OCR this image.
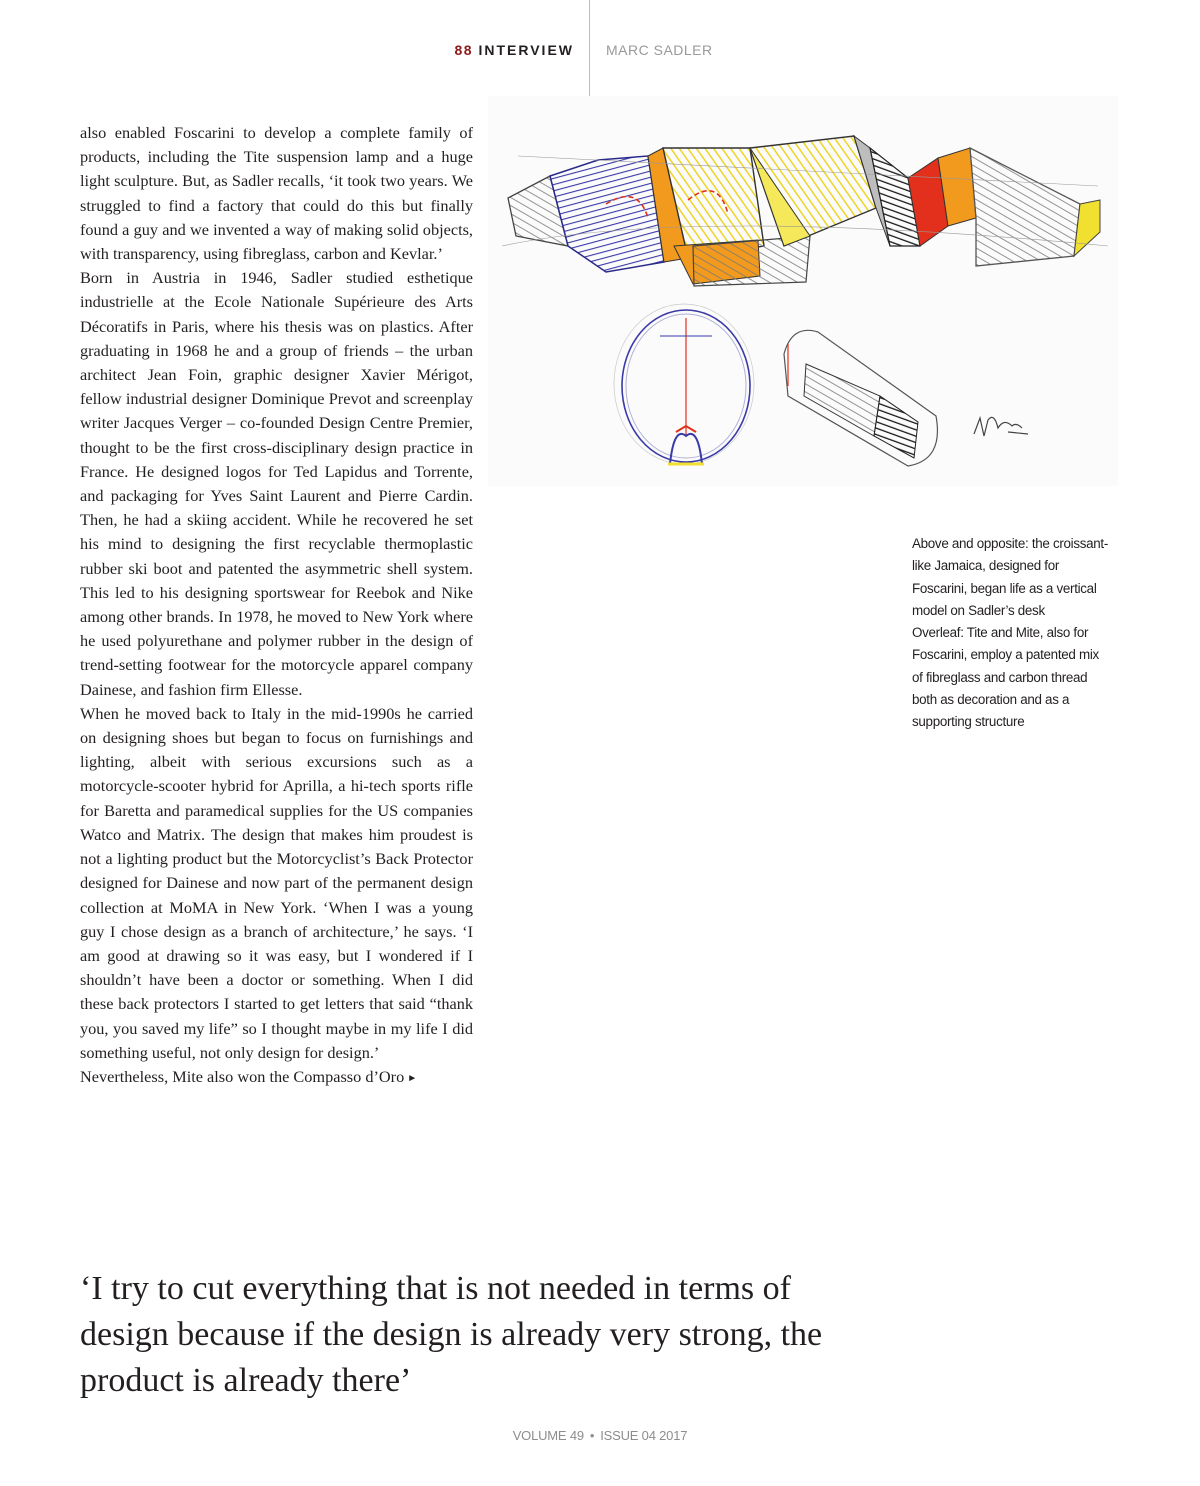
88 INTERVIEW MARC SADLER

also enabled Foscarini to develop a complete family of products, including the Tite suspension lamp and a huge light sculpture. But, as Sadler recalls, ‘it took two years. We struggled to find a factory that could do this but finally found a guy and we invented a way of making solid objects, with transparency, using fibreglass, carbon and Kevlar.’

Born in Austria in 1946, Sadler studied esthetique industrielle at the Ecole Nationale Supérieure des Arts Décoratifs in Paris, where his thesis was on plastics. After graduating in 1968 he and a group of friends – the urban architect Jean Foin, graphic designer Xavier Mérigot, fellow industrial designer Dominique Prevot and screenplay writer Jacques Verger – co-founded Design Centre Premier, thought to be the first cross-disciplinary design practice in France. He designed logos for Ted Lapidus and Torrente, and packaging for Yves Saint Laurent and Pierre Cardin. Then, he had a skiing accident. While he recovered he set his mind to designing the first recyclable thermoplastic rubber ski boot and patented the asymmetric shell system. This led to his designing sportswear for Reebok and Nike among other brands. In 1978, he moved to New York where he used polyurethane and polymer rubber in the design of trend-setting footwear for the motorcycle apparel company Dainese, and fashion firm Ellesse.

When he moved back to Italy in the mid-1990s he carried on designing shoes but began to focus on furnishings and lighting, albeit with serious excursions such as a motorcycle-scooter hybrid for Aprilla, a hi-tech sports rifle for Baretta and paramedical supplies for the US companies Watco and Matrix. The design that makes him proudest is not a lighting product but the Motorcyclist’s Back Protector designed for Dainese and now part of the permanent design collection at MoMA in New York. ‘When I was a young guy I chose design as a branch of architecture,’ he says. ‘I am good at drawing so it was easy, but I wondered if I shouldn’t have been a doctor or something. When I did these back protectors I started to get letters that said “thank you, you saved my life” so I thought maybe in my life I did something useful, not only design for design.’

Nevertheless, Mite also won the Compasso d’Oro ►

Above and opposite: the croissant-like Jamaica, designed for Foscarini, began life as a vertical model on Sadler’s desk

Overleaf: Tite and Mite, also for Foscarini, employ a patented mix of fibreglass and carbon thread both as decoration and as a supporting structure

‘I try to cut everything that is not needed in terms of design because if the design is already very strong, the product is already there’

VOLUME 49 • ISSUE 04 2017
